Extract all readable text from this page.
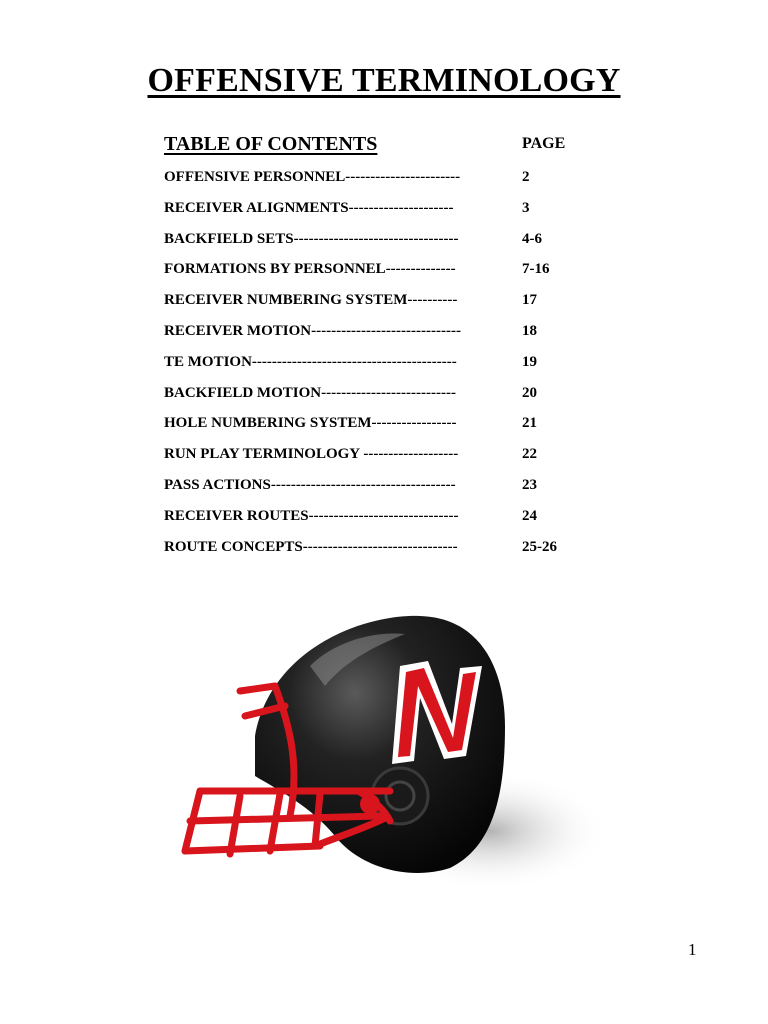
OFFENSIVE TERMINOLOGY
TABLE OF CONTENTS	PAGE
OFFENSIVE PERSONNEL-----------------------	2
RECEIVER ALIGNMENTS---------------------	3
BACKFIELD SETS---------------------------------	4-6
FORMATIONS BY PERSONNEL--------------	7-16
RECEIVER NUMBERING SYSTEM----------	17
RECEIVER MOTION------------------------------	18
TE MOTION-----------------------------------------	19
BACKFIELD MOTION---------------------------	20
HOLE NUMBERING SYSTEM-----------------	21
RUN PLAY TERMINOLOGY -------------------	22
PASS ACTIONS-------------------------------------	23
RECEIVER ROUTES------------------------------	24
ROUTE CONCEPTS-------------------------------	25-26
1
